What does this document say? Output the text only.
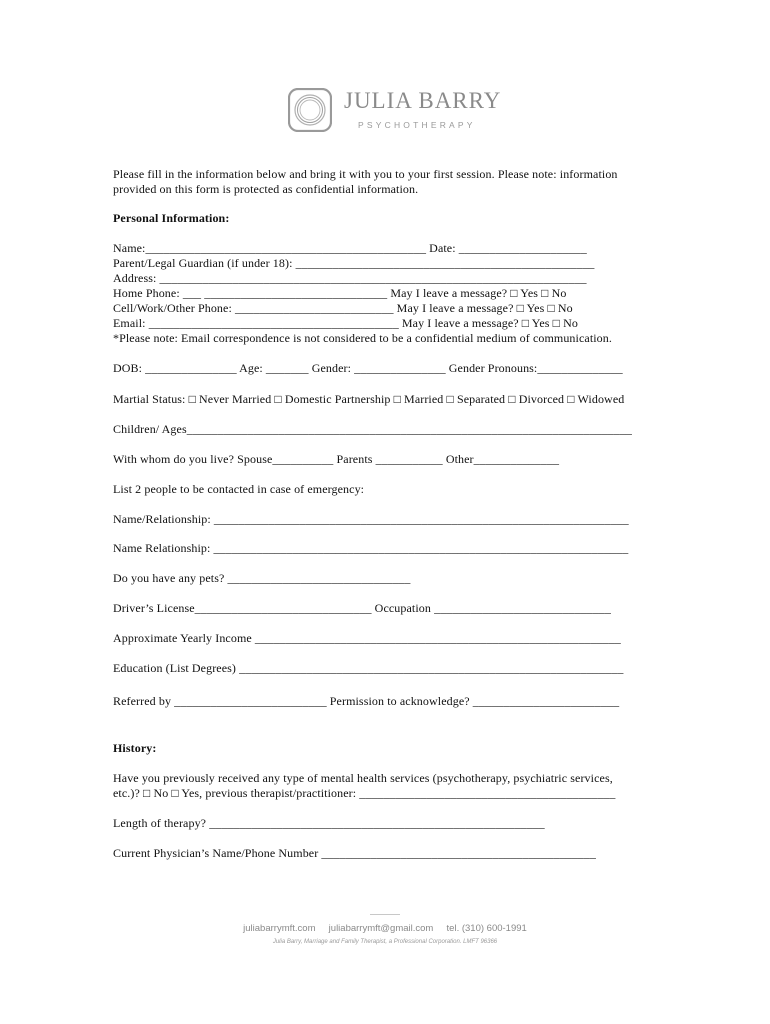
JULIA BARRY
PSYCHOTHERAPY
Please fill in the information below and bring it with you to your first session. Please note: information
provided on this form is protected as confidential information.
Personal Information:
Name:______________________________________________ Date: _____________________
Parent/Legal Guardian (if under 18): _________________________________________________
Address: ______________________________________________________________________
Home Phone: ___ ______________________________ May I leave a message? □ Yes □ No
Cell/Work/Other Phone: __________________________ May I leave a message? □ Yes □ No
Email: _________________________________________ May I leave a message? □ Yes □ No
*Please note: Email correspondence is not considered to be a confidential medium of communication.
DOB: _______________ Age: _______ Gender: _______________ Gender Pronouns:______________
Martial Status: □ Never Married □ Domestic Partnership □ Married □ Separated □ Divorced □ Widowed
Children/ Ages_________________________________________________________________________
With whom do you live? Spouse__________ Parents ___________ Other______________
List 2 people to be contacted in case of emergency:
Name/Relationship: ____________________________________________________________________
Name Relationship: ____________________________________________________________________
Do you have any pets? ______________________________
Driver’s License_____________________________ Occupation _____________________________
Approximate Yearly Income ____________________________________________________________
Education (List Degrees) _______________________________________________________________
Referred by _________________________ Permission to acknowledge? ________________________
History:
Have you previously received any type of mental health services (psychotherapy, psychiatric services,
etc.)? □ No □ Yes, previous therapist/practitioner: __________________________________________
Length of therapy? _______________________________________________________
Current Physician’s Name/Phone Number _____________________________________________
juliabarrymft.com     juliabarrymft@gmail.com     tel. (310) 600-1991
Julia Barry, Marriage and Family Therapist, a Professional Corporation. LMFT 96366
